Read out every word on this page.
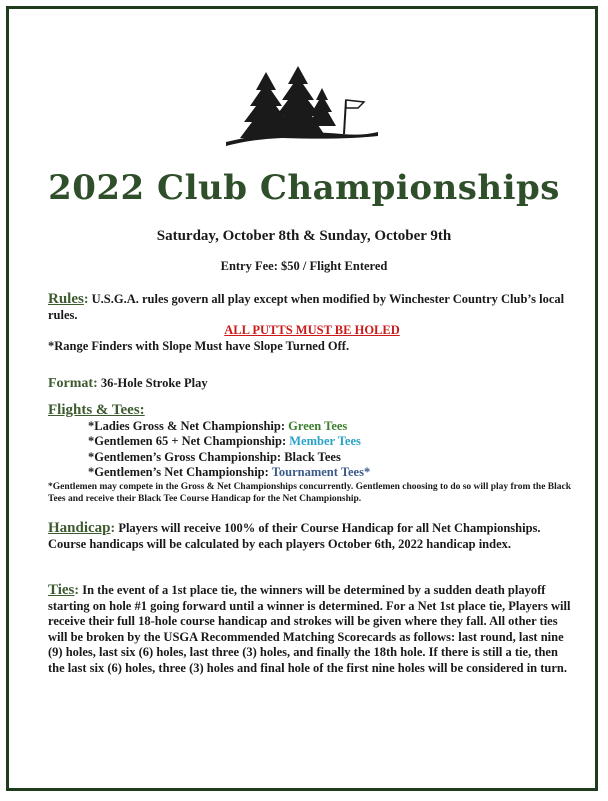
2022 Club Championships
Saturday, October 8th & Sunday, October 9th
Entry Fee: $50 / Flight Entered
Rules: U.S.G.A. rules govern all play except when modified by Winchester Country Club’s local rules.
ALL PUTTS MUST BE HOLED
*Range Finders with Slope Must have Slope Turned Off.
Format: 36-Hole Stroke Play
Flights & Tees:
*Ladies Gross & Net Championship: Green Tees
*Gentlemen 65 + Net Championship: Member Tees
*Gentlemen’s Gross Championship: Black Tees
*Gentlemen’s Net Championship: Tournament Tees*
*Gentlemen may compete in the Gross & Net Championships concurrently. Gentlemen choosing to do so will play from the Black Tees and receive their Black Tee Course Handicap for the Net Championship.
Handicap: Players will receive 100% of their Course Handicap for all Net Championships. Course handicaps will be calculated by each players October 6th, 2022 handicap index.
Ties: In the event of a 1st place tie, the winners will be determined by a sudden death playoff starting on hole #1 going forward until a winner is determined. For a Net 1st place tie, Players will receive their full 18-hole course handicap and strokes will be given where they fall. All other ties will be broken by the USGA Recommended Matching Scorecards as follows: last round, last nine (9) holes, last six (6) holes, last three (3) holes, and finally the 18th hole. If there is still a tie, then the last six (6) holes, three (3) holes and final hole of the first nine holes will be considered in turn.
